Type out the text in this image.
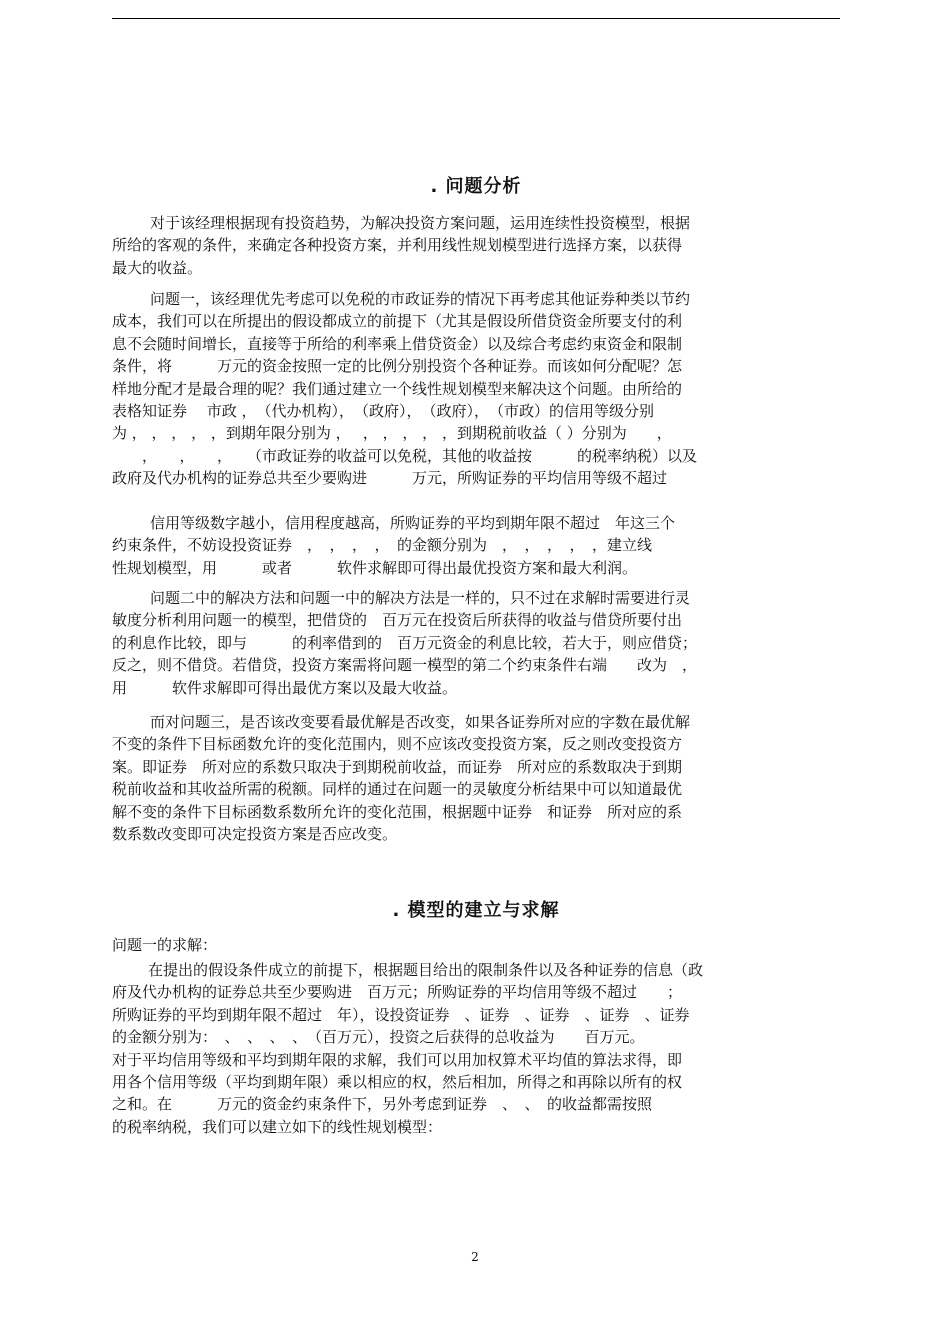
. 问题分析
对于该经理根据现有投资趋势，为解决投资方案问题，运用连续性投资模型，根据
所给的客观的条件，来确定各种投资方案，并利用线性规划模型进行选择方案，以获得
最大的收益。
问题一，该经理优先考虑可以免税的市政证券的情况下再考虑其他证券种类以节约
成本，我们可以在所提出的假设都成立的前提下（尤其是假设所借贷资金所要支付的利
息不会随时间增长，直接等于所给的利率乘上借贷资金）以及综合考虑约束资金和限制
条件，将　　　万元的资金按照一定的比例分别投资个各种证券。而该如何分配呢？怎
样地分配才是最合理的呢？我们通过建立一个线性规划模型来解决这个问题。由所给的
表格知证券　 市政 ，　（代办机构），　（政府），　（政府），　（市政）的信用等级分别
为 ， ， ， ， ，到期年限分别为 ，　 ， ， ， ， ，到期税前收益（ ）分别为　　，
　　，　　，　　，　　（市政证券的收益可以免税，其他的收益按　　　的税率纳税）以及
政府及代办机构的证券总共至少要购进　　　万元，所购证券的平均信用等级不超过
信用等级数字越小，信用程度越高，所购证券的平均到期年限不超过　年这三个
约束条件，不妨设投资证券　，　，　，　，　的金额分别为　，　，　，　，　，建立线
性规划模型，用　　　或者　　　软件求解即可得出最优投资方案和最大利润。
问题二中的解决方法和问题一中的解决方法是一样的，只不过在求解时需要进行灵
敏度分析利用问题一的模型，把借贷的　百万元在投资后所获得的收益与借贷所要付出
的利息作比较，即与　　　的利率借到的　百万元资金的利息比较，若大于，则应借贷；
反之，则不借贷。若借贷，投资方案需将问题一模型的第二个约束条件右端　　改为　，
用　　　软件求解即可得出最优方案以及最大收益。
而对问题三，是否该改变要看最优解是否改变，如果各证券所对应的字数在最优解
不变的条件下目标函数允许的变化范围内，则不应该改变投资方案，反之则改变投资方
案。即证券　所对应的系数只取决于到期税前收益，而证券　所对应的系数取决于到期
税前收益和其收益所需的税额。同样的通过在问题一的灵敏度分析结果中可以知道最优
解不变的条件下目标函数系数所允许的变化范围，根据题中证券　和证券　所对应的系
数系数改变即可决定投资方案是否应改变。
. 模型的建立与求解
问题一的求解：
在提出的假设条件成立的前提下，根据题目给出的限制条件以及各种证券的信息（政
府及代办机构的证券总共至少要购进　百万元；所购证券的平均信用等级不超过　　；
所购证券的平均到期年限不超过　年），设投资证券　、证券　、证券　、证券　、证券
的金额分别为：　、　、　、　、　（百万元），投资之后获得的总收益为　　百万元。
对于平均信用等级和平均到期年限的求解，我们可以用加权算术平均值的算法求得，即
用各个信用等级（平均到期年限）乘以相应的权，然后相加，所得之和再除以所有的权
之和。在　　　万元的资金约束条件下，另外考虑到证券　、　、　的收益都需按照
的税率纳税，我们可以建立如下的线性规划模型：
2
